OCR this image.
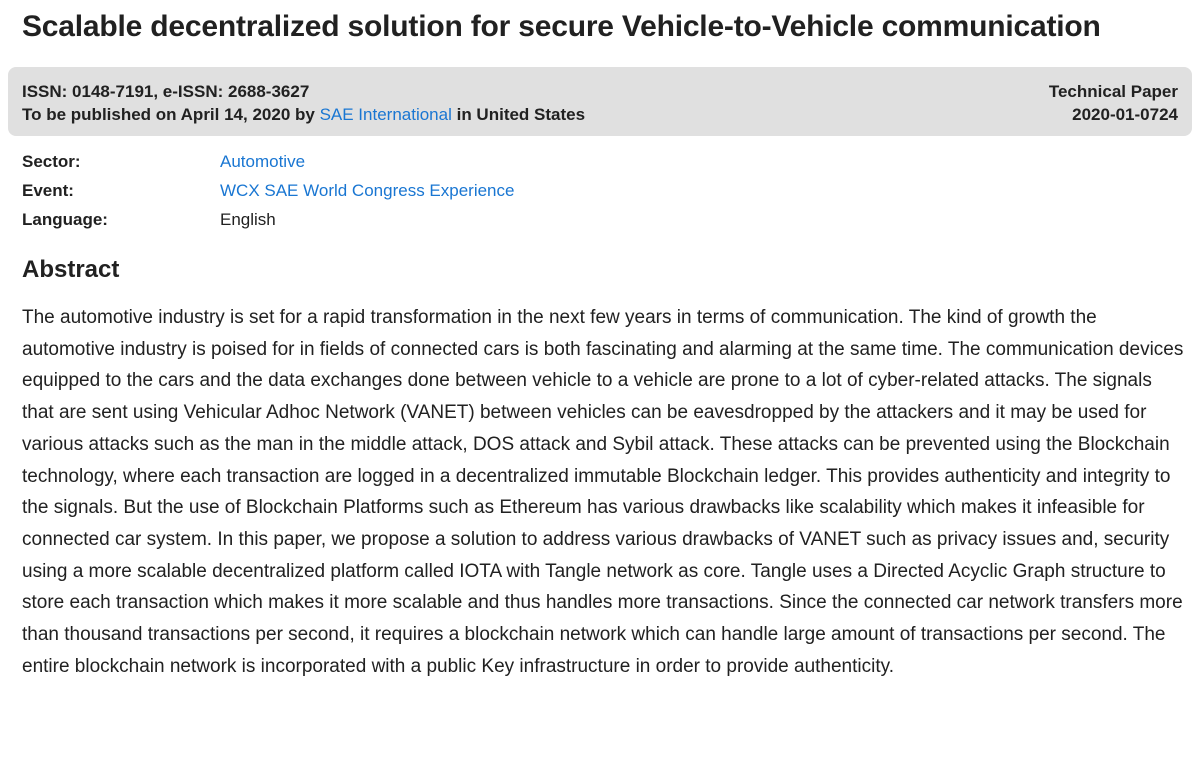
Scalable decentralized solution for secure Vehicle-to-Vehicle communication
ISSN: 0148-7191, e-ISSN: 2688-3627
To be published on April 14, 2020 by SAE International in United States
Technical Paper
2020-01-0724
Sector:	Automotive
Event:	WCX SAE World Congress Experience
Language:	English
Abstract

The automotive industry is set for a rapid transformation in the next few years in terms of communication. The kind of growth the automotive industry is poised for in fields of connected cars is both fascinating and alarming at the same time. The communication devices equipped to the cars and the data exchanges done between vehicle to a vehicle are prone to a lot of cyber-related attacks. The signals that are sent using Vehicular Adhoc Network (VANET) between vehicles can be eavesdropped by the attackers and it may be used for various attacks such as the man in the middle attack, DOS attack and Sybil attack. These attacks can be prevented using the Blockchain technology, where each transaction are logged in a decentralized immutable Blockchain ledger. This provides authenticity and integrity to the signals. But the use of Blockchain Platforms such as Ethereum has various drawbacks like scalability which makes it infeasible for connected car system. In this paper, we propose a solution to address various drawbacks of VANET such as privacy issues and, security using a more scalable decentralized platform called IOTA with Tangle network as core. Tangle uses a Directed Acyclic Graph structure to store each transaction which makes it more scalable and thus handles more transactions. Since the connected car network transfers more than thousand transactions per second, it requires a blockchain network which can handle large amount of transactions per second. The entire blockchain network is incorporated with a public Key infrastructure in order to provide authenticity.
